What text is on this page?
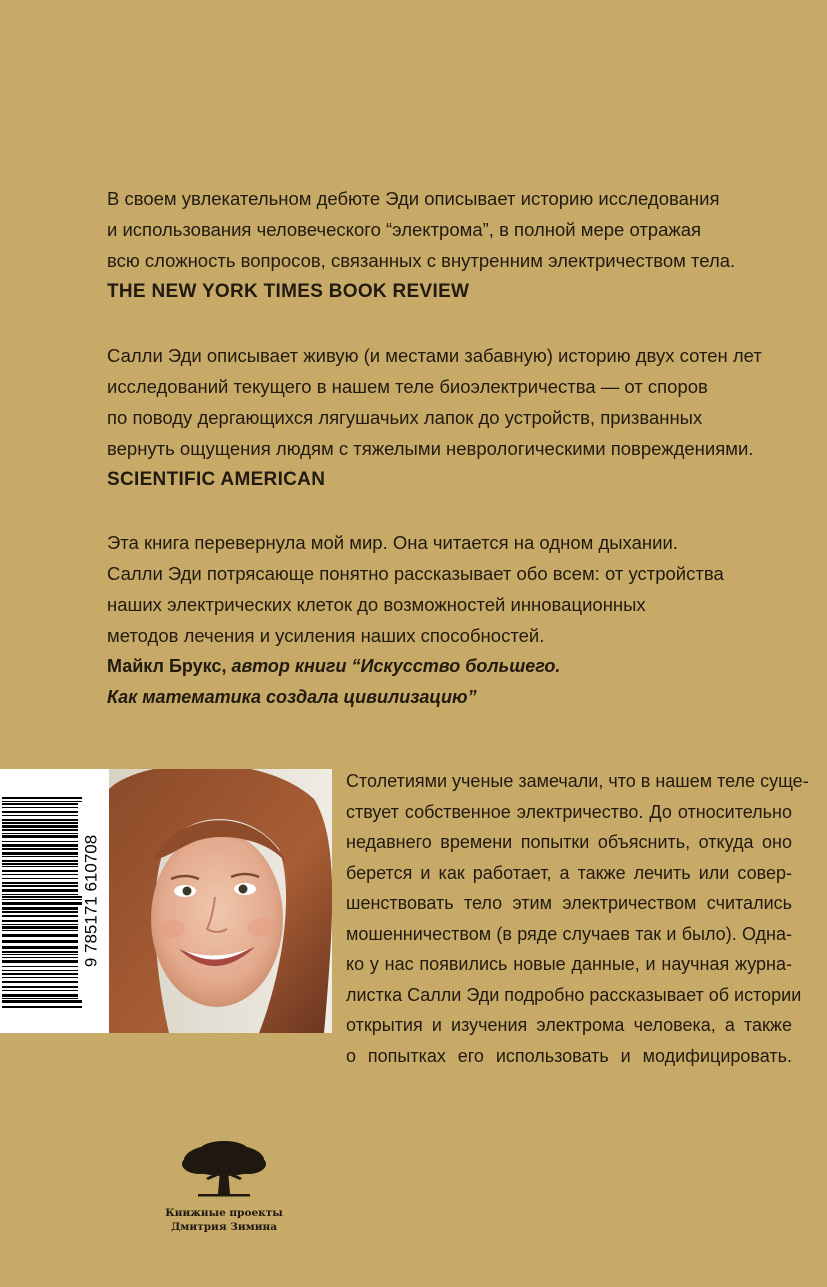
В своем увлекательном дебюте Эди описывает историю исследования
и использования человеческого “электрома”, в полной мере отражая
всю сложность вопросов, связанных с внутренним электричеством тела.
THE NEW YORK TIMES BOOK REVIEW
Салли Эди описывает живую (и местами забавную) историю двух сотен лет
исследований текущего в нашем теле биоэлектричества — от споров
по поводу дергающихся лягушачьих лапок до устройств, призванных
вернуть ощущения людям с тяжелыми неврологическими повреждениями.
SCIENTIFIC AMERICAN
Эта книга перевернула мой мир. Она читается на одном дыхании.
Салли Эди потрясающе понятно рассказывает обо всем: от устройства
наших электрических клеток до возможностей инновационных
методов лечения и усиления наших способностей.
Майкл Брукс, автор книги “Искусство большего.
Как математика создала цивилизацию”
9 785171 610708
Столетиями ученые замечали, что в нашем теле суще-
ствует собственное электричество. До относительно
недавнего времени попытки объяснить, откуда оно
берется и как работает, а также лечить или совер-
шенствовать тело этим электричеством считались
мошенничеством (в ряде случаев так и было). Одна-
ко у нас появились новые данные, и научная журна-
листка Салли Эди подробно рассказывает об истории
открытия и изучения электрома человека, а также
о попытках его использовать и модифицировать.
Книжные проекты
Дмитрия Зимина
